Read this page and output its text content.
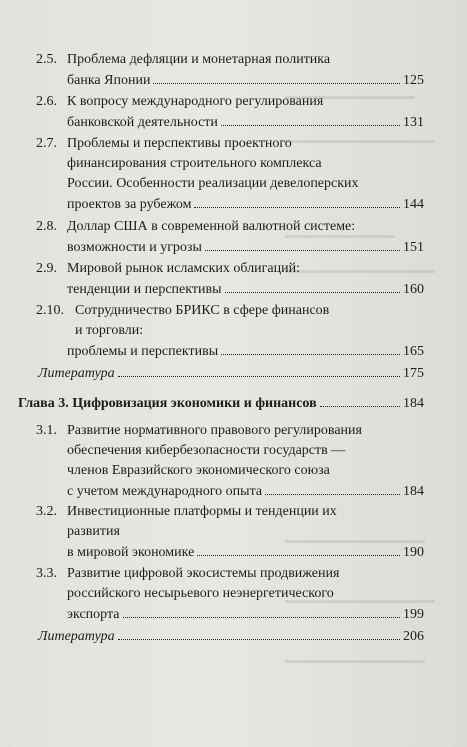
2.5. Проблема дефляции и монетарная политика
банка Японии	125
2.6. К вопросу международного регулирования
банковской деятельности	131
2.7. Проблемы и перспективы проектного
финансирования строительного комплекса
России. Особенности реализации девелоперских
проектов за рубежом	144
2.8. Доллар США в современной валютной системе:
возможности и угрозы	151
2.9. Мировой рынок исламских облигаций:
тенденции и перспективы	160
2.10. Сотрудничество БРИКС в сфере финансов
и торговли:
проблемы и перспективы	165
Литература	175
Глава 3. Цифровизация экономики и финансов	184
3.1. Развитие нормативного правового регулирования
обеспечения кибербезопасности государств —
членов Евразийского экономического союза
с учетом международного опыта	184
3.2. Инвестиционные платформы и тенденции их
развития
в мировой экономике	190
3.3. Развитие цифровой экосистемы продвижения
российского несырьевого неэнергетического
экспорта	199
Литература	206
